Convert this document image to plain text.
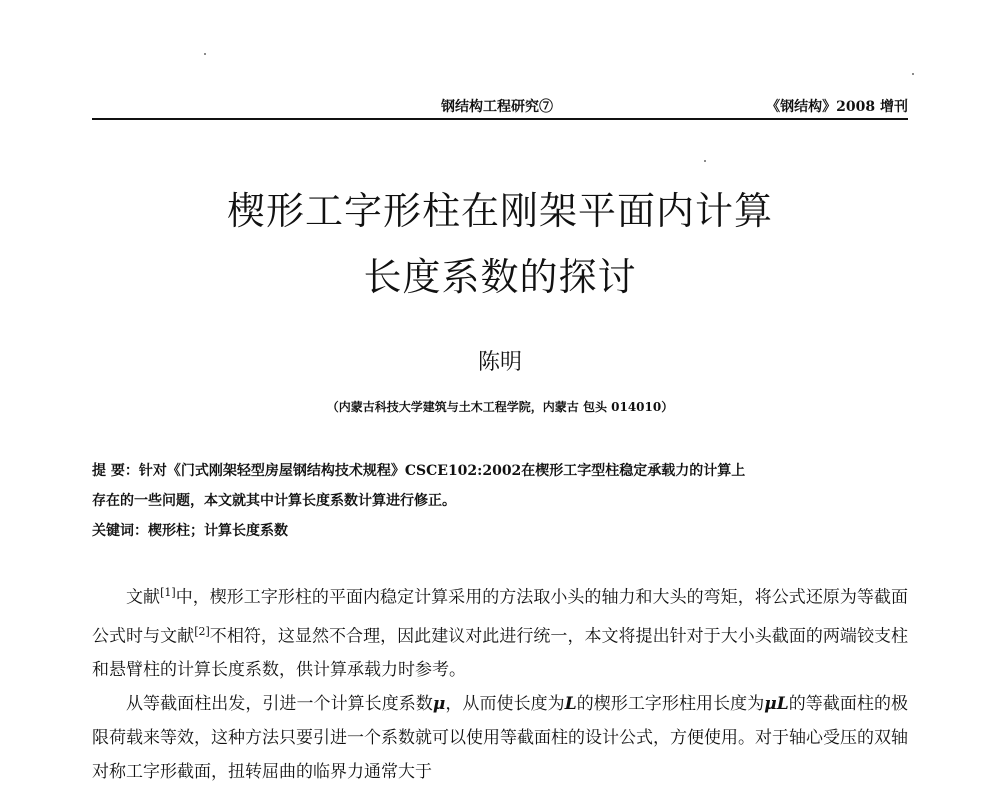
钢结构工程研究⑦	《钢结构》2008 增刊
楔形工字形柱在刚架平面内计算
长度系数的探讨
陈明
（内蒙古科技大学建筑与土木工程学院，内蒙古 包头 014010）

提 要：针对《门式刚架轻型房屋钢结构技术规程》CSCE102:2002在楔形工字型柱稳定承载力的计算上

存在的一些问题，本文就其中计算长度系数计算进行修正。

关键词：楔形柱；计算长度系数

文献[1]中，楔形工字形柱的平面内稳定计算采用的方法取小头的轴力和大头的弯矩，将公式还原为等截面公式时与文献[2]不相符，这显然不合理，因此建议对此进行统一，本文将提出针对于大小头截面的两端铰支柱和悬臂柱的计算长度系数，供计算承载力时参考。

从等截面柱出发，引进一个计算长度系数μ，从而使长度为L的楔形工字形柱用长度为μL的等截面柱的极限荷载来等效，这种方法只要引进一个系数就可以使用等截面柱的设计公式，方便使用。对于轴心受压的双轴对称工字形截面，扭转屈曲的临界力通常大于
